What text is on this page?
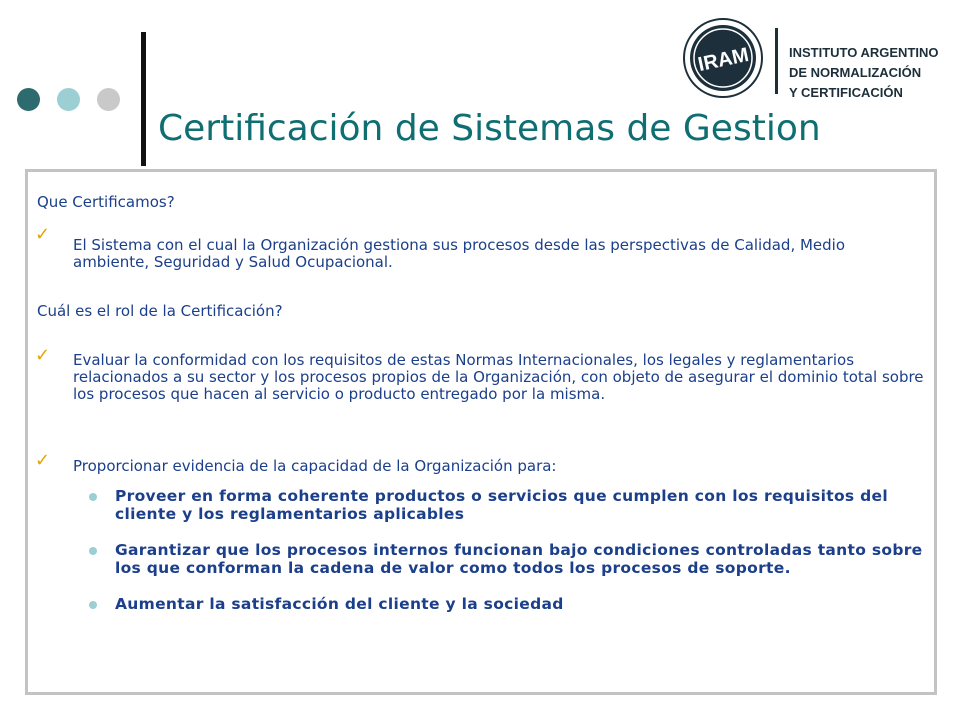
Certificación de Sistemas de Gestion
IRAM	INSTITUTO ARGENTINO
DE NORMALIZACIÓN
Y CERTIFICACIÓN

Que Certificamos?

✓ El Sistema con el cual la Organización gestiona sus procesos desde las perspectivas de Calidad, Medio ambiente, Seguridad y Salud Ocupacional.

Cuál es el rol de la Certificación?

✓ Evaluar la conformidad con los requisitos de estas Normas Internacionales, los legales y reglamentarios relacionados a su sector y los procesos propios de la Organización, con objeto de asegurar el dominio total sobre los procesos que hacen al servicio o producto entregado por la misma.

✓ Proporcionar evidencia de la capacidad de la Organización para:

Proveer en forma coherente productos o servicios que cumplen con los requisitos del cliente y los reglamentarios aplicables

Garantizar que los procesos internos funcionan bajo condiciones controladas tanto sobre los que conforman la cadena de valor como todos los procesos de soporte.

Aumentar la satisfacción del cliente y la sociedad
